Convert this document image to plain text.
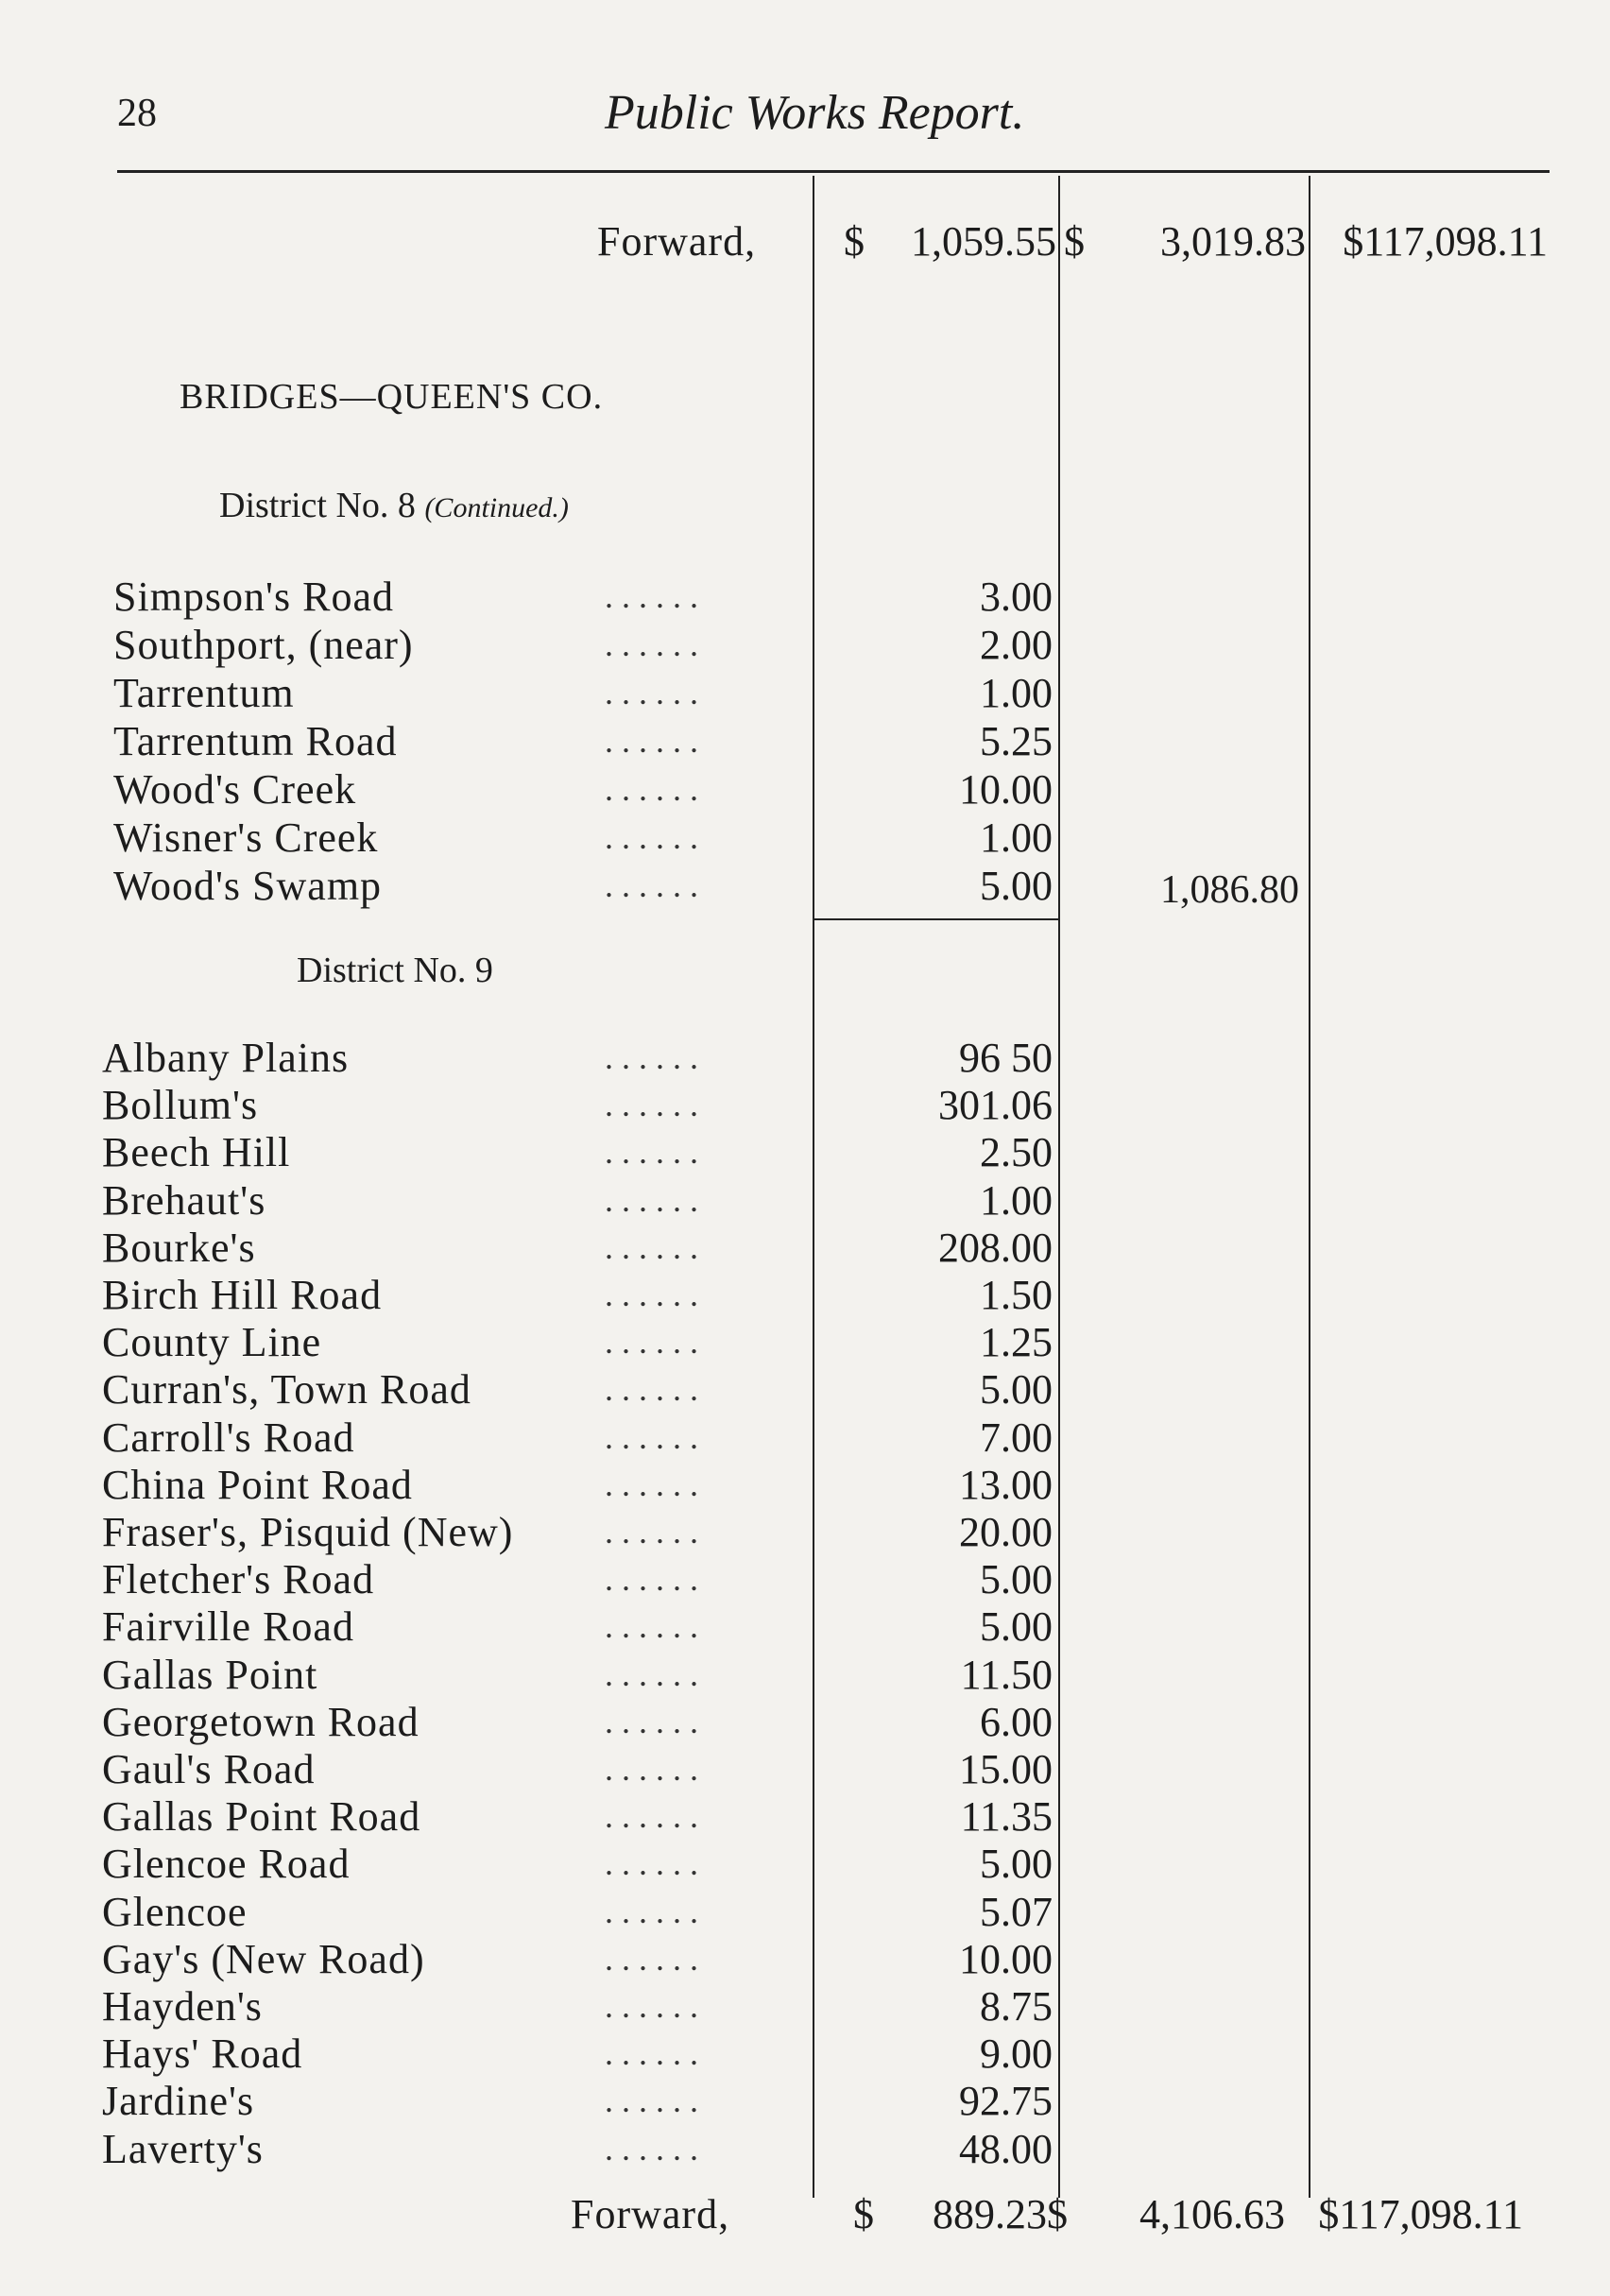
28	Public Works Report.
Forward, $	1,059.55 $	3,019.83 $117,098.11
BRIDGES—QUEEN'S CO.
District No. 8 (Continued.)
Simpson's Road	. . . . . .	3.00
Southport, (near)	. . . . . .	2.00
Tarrentum	. . . . . .	1.00
Tarrentum Road	. . . . . .	5.25
Wood's Creek	. . . . . .	10.00
Wisner's Creek	. . . . . .	1.00
Wood's Swamp	. . . . . .	5.00	1,086.80
District No. 9
Albany Plains	. . . . . .	96 50
Bollum's	. . . . . .	301.06
Beech Hill	. . . . . .	2.50
Brehaut's	. . . . . .	1.00
Bourke's	. . . . . .	208.00
Birch Hill Road	. . . . . .	1.50
County Line	. . . . . .	1.25
Curran's, Town Road	. . . . . .	5.00
Carroll's Road	. . . . . .	7.00
China Point Road	. . . . . .	13.00
Fraser's, Pisquid (New)	. . . . . .	20.00
Fletcher's Road	. . . . . .	5.00
Fairville Road	. . . . . .	5.00
Gallas Point	. . . . . .	11.50
Georgetown Road	. . . . . .	6.00
Gaul's Road	. . . . . .	15.00
Gallas Point Road	. . . . . .	11.35
Glencoe Road	. . . . . .	5.00
Glencoe	. . . . . .	5.07
Gay's (New Road)	. . . . . .	10.00
Hayden's	. . . . . .	8.75
Hays' Road	. . . . . .	9.00
Jardine's	. . . . . .	92.75
Laverty's	. . . . . .	48.00
Forward,	$	889.23 $	4,106.63 $117,098.11
